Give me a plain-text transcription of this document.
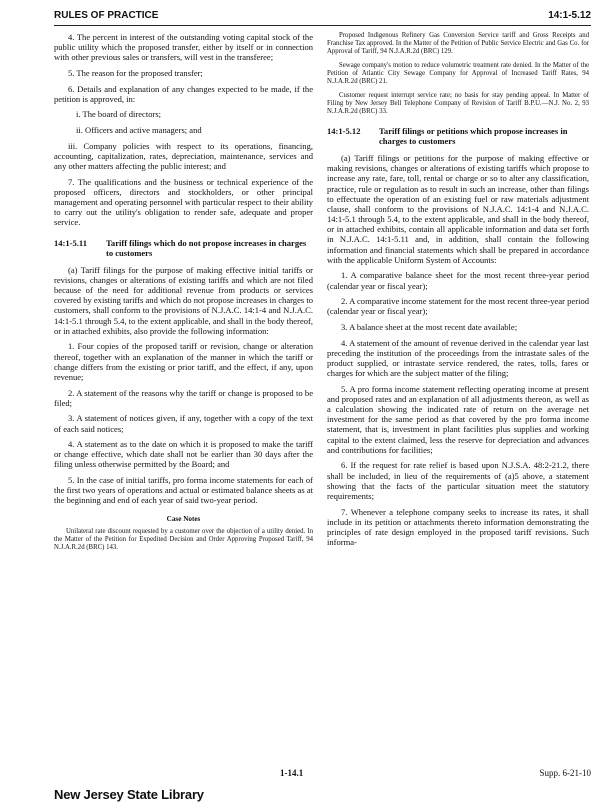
RULES OF PRACTICE	14:1-5.12

4. The percent in interest of the outstanding voting capital stock of the public utility which the proposed transfer, either by itself or in connection with other previous sales or transfers, will vest in the transferee;

5. The reason for the proposed transfer;

6. Details and explanation of any changes expected to be made, if the petition is approved, in:

i. The board of directors;

ii. Officers and active managers; and

iii. Company policies with respect to its operations, financing, accounting, capitalization, rates, depreciation, maintenance, services and any other matters affecting the public interest; and

7. The qualifications and the business or technical experience of the proposed officers, directors and stockholders, or other principal management and operating personnel with particular respect to their ability to carry out the utility's obligation to render safe, adequate and proper service.

14:1-5.11 Tariff filings which do not propose increases in charges to customers

(a) Tariff filings for the purpose of making effective initial tariffs or revisions, changes or alterations of existing tariffs and which are not filed because of the need for additional revenue from products or services covered by existing tariffs and which do not propose increases in charges to customers, shall conform to the provisions of N.J.A.C. 14:1-4 and N.J.A.C. 14:1-5.1 through 5.4, to the extent applicable, and shall in the body thereof, or in attached exhibits, also provide the following information:

1. Four copies of the proposed tariff or revision, change or alteration thereof, together with an explanation of the manner in which the tariff or change differs from the existing or prior tariff, and the effect, if any, upon revenue;

2. A statement of the reasons why the tariff or change is proposed to be filed;

3. A statement of notices given, if any, together with a copy of the text of each said notices;

4. A statement as to the date on which it is proposed to make the tariff or change effective, which date shall not be earlier than 30 days after the filing unless otherwise permitted by the Board; and

5. In the case of initial tariffs, pro forma income statements for each of the first two years of operations and actual or estimated balance sheets as at the beginning and end of each year of said two-year period.

Case Notes

Unilateral rate discount requested by a customer over the objection of a utility denied. In the Matter of the Petition for Expedited Decision and Order Approving Proposed Tariff, 94 N.J.A.R.2d (BRC) 143.

Proposed Indigenous Refinery Gas Conversion Service tariff and Gross Receipts and Franchise Tax approved. In the Matter of the Petition of Public Service Electric and Gas Co. for Approval of Tariff, 94 N.J.A.R.2d (BRC) 129.

Sewage company's motion to reduce volumetric treatment rate denied. In the Matter of the Petition of Atlantic City Sewage Company for Approval of Increased Tariff Rates, 94 N.J.A.R.2d (BRC) 21.

Customer request interrupt service rate; no basis for stay pending appeal. In Matter of Filing by New Jersey Bell Telephone Company of Revision of Tariff B.P.U.—N.J. No. 2, 93 N.J.A.R.2d (BRC) 33.

14:1-5.12 Tariff filings or petitions which propose increases in charges to customers

(a) Tariff filings or petitions for the purpose of making effective or making revisions, changes or alterations of existing tariffs which propose to increase any rate, fare, toll, rental or charge or so to alter any classification, practice, rule or regulation as to result in such an increase, other than filings to effectuate the operation of an existing fuel or raw materials adjustment clause, shall conform to the provisions of N.J.A.C. 14:1-4 and N.J.A.C. 14:1-5.1 through 5.4, to the extent applicable, and shall in the body thereof, or in attached exhibits, contain all applicable information and data set forth in N.J.A.C. 14:1-5.11 and, in addition, shall contain the following information and financial statements which shall be prepared in accordance with the applicable Uniform System of Accounts:

1. A comparative balance sheet for the most recent three-year period (calendar year or fiscal year);

2. A comparative income statement for the most recent three-year period (calendar year or fiscal year);

3. A balance sheet at the most recent date available;

4. A statement of the amount of revenue derived in the calendar year last preceding the institution of the proceedings from the intrastate sales of the product supplied, or intrastate service rendered, the rates, tolls, fares or charges for which are the subject matter of the filing;

5. A pro forma income statement reflecting operating income at present and proposed rates and an explanation of all adjustments thereon, as well as a calculation showing the indicated rate of return on the average net investment for the same period as that covered by the pro forma income statement, that is, investment in plant facilities plus supplies and working capital to the extent claimed, less the reserve for depreciation and advances and contributions for facilities;

6. If the request for rate relief is based upon N.J.S.A. 48:2-21.2, there shall be included, in lieu of the requirements of (a)5 above, a statement showing that the facts of the particular situation meet the statutory requirements;

7. Whenever a telephone company seeks to increase its rates, it shall include in its petition or attachments thereto information demonstrating the principles of rate design employed in the proposed tariff revisions. Such informa-

1-14.1	Supp. 6-21-10
New Jersey State Library
